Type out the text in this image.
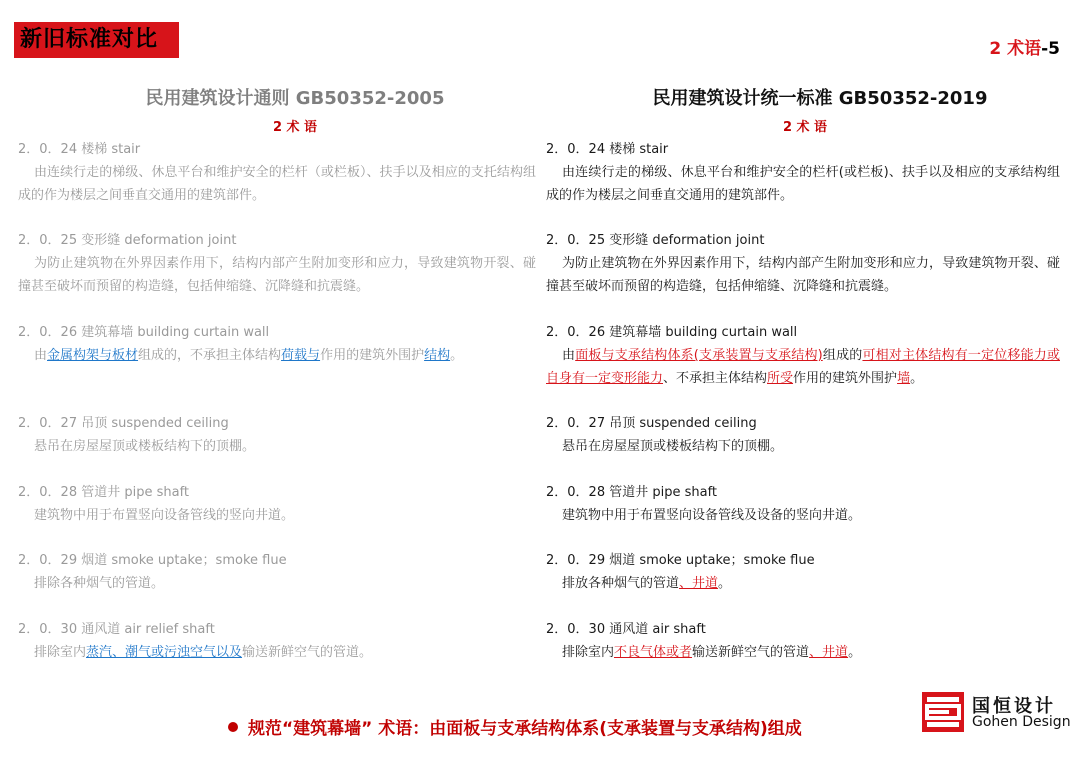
新旧标准对比	2 术语-5
民用建筑设计通则 GB50352-2005	民用建筑设计统一标准 GB50352-2019
2 术 语	2 术 语
2．0．24 楼梯 stair
由连续行走的梯级、休息平台和维护安全的栏杆（或栏板）、扶手以及相应的支托结构组成的作为楼层之间垂直交通用的建筑部件。
2．0．25 变形缝 deformation joint
为防止建筑物在外界因素作用下，结构内部产生附加变形和应力，导致建筑物开裂、碰撞甚至破坏而预留的构造缝，包括伸缩缝、沉降缝和抗震缝。
2．0．26 建筑幕墙 building curtain wall
由金属构架与板材组成的，不承担主体结构荷载与作用的建筑外围护结构。
2．0．27 吊顶 suspended ceiling
悬吊在房屋屋顶或楼板结构下的顶棚。
2．0．28 管道井 pipe shaft
建筑物中用于布置竖向设备管线的竖向井道。
2．0．29 烟道 smoke uptake；smoke flue
排除各种烟气的管道。
2．0．30 通风道 air relief shaft
排除室内蒸汽、潮气或污浊空气以及输送新鲜空气的管道。
2．0．24 楼梯 stair
由连续行走的梯级、休息平台和维护安全的栏杆(或栏板)、扶手以及相应的支承结构组成的作为楼层之间垂直交通用的建筑部件。
2．0．25 变形缝 deformation joint
为防止建筑物在外界因素作用下，结构内部产生附加变形和应力，导致建筑物开裂、碰撞甚至破坏而预留的构造缝，包括伸缩缝、沉降缝和抗震缝。
2．0．26 建筑幕墙 building curtain wall
由面板与支承结构体系(支承装置与支承结构)组成的可相对主体结构有一定位移能力或自身有一定变形能力、不承担主体结构所受作用的建筑外围护墙。
2．0．27 吊顶 suspended ceiling
悬吊在房屋屋顶或楼板结构下的顶棚。
2．0．28 管道井 pipe shaft
建筑物中用于布置竖向设备管线及设备的竖向井道。
2．0．29 烟道 smoke uptake；smoke flue
排放各种烟气的管道、井道。
2．0．30 通风道 air shaft
排除室内不良气体或者输送新鲜空气的管道、井道。
规范“建筑幕墙” 术语：由面板与支承结构体系(支承装置与支承结构)组成
国恒设计
Gohen Design
